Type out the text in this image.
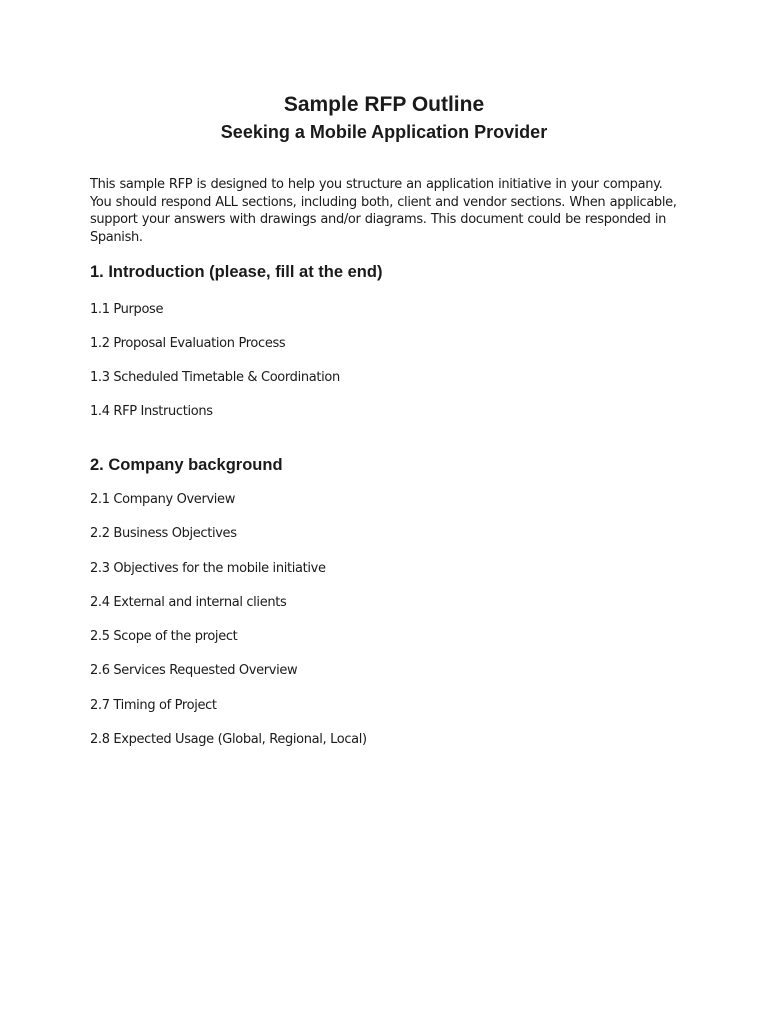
Sample RFP Outline
Seeking a Mobile Application Provider

This sample RFP is designed to help you structure an application initiative in your company. You should respond ALL sections, including both, client and vendor sections. When applicable, support your answers with drawings and/or diagrams. This document could be responded in Spanish.

1. Introduction (please, fill at the end)
1.1 Purpose
1.2 Proposal Evaluation Process
1.3 Scheduled Timetable & Coordination
1.4 RFP Instructions
2. Company background
2.1 Company Overview
2.2 Business Objectives
2.3 Objectives for the mobile initiative
2.4 External and internal clients
2.5 Scope of the project
2.6 Services Requested Overview
2.7 Timing of Project
2.8 Expected Usage (Global, Regional, Local)
